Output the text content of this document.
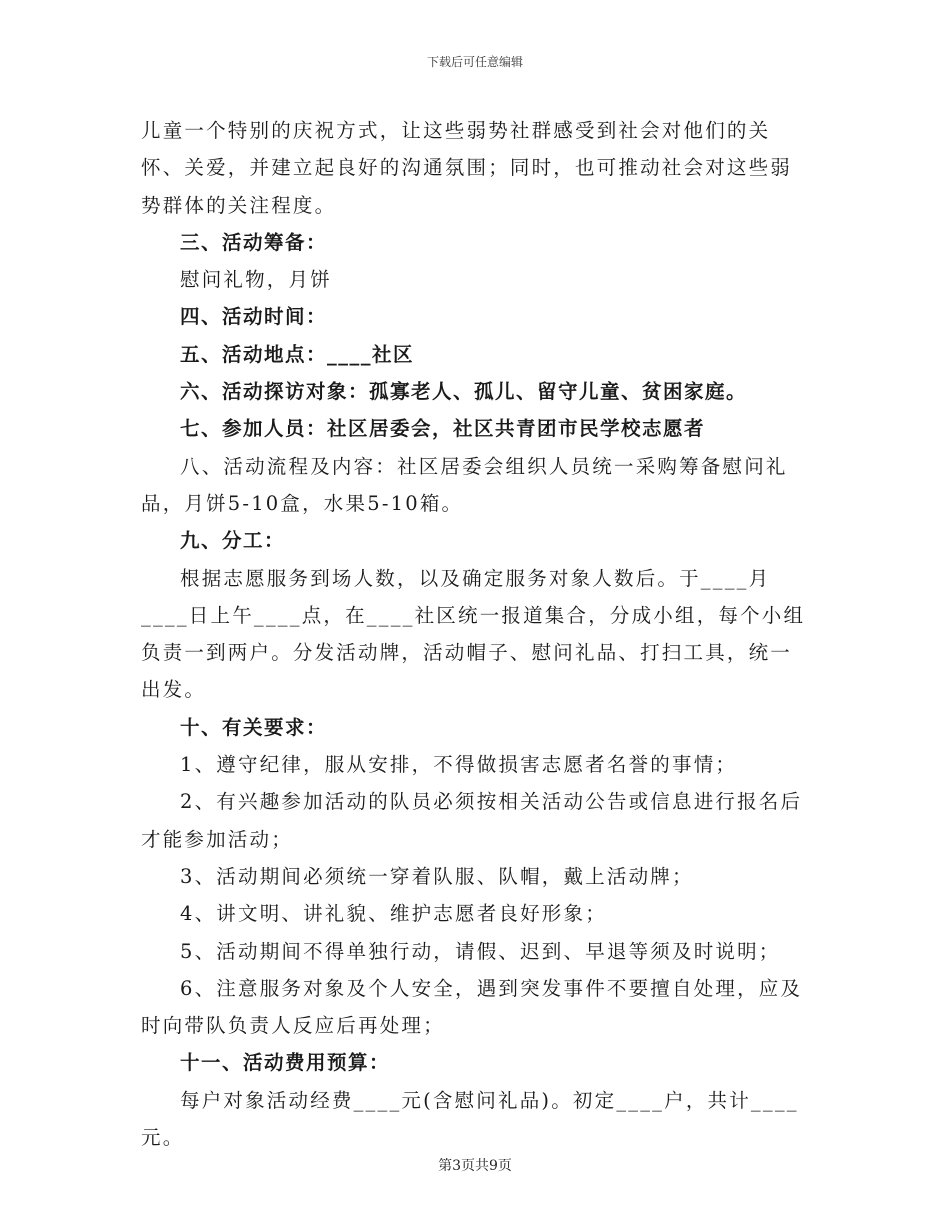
下载后可任意编辑

儿童一个特别的庆祝方式，让这些弱势社群感受到社会对他们的关怀、关爱，并建立起良好的沟通氛围；同时，也可推动社会对这些弱势群体的关注程度。

三、活动筹备：

慰问礼物，月饼

四、活动时间：

五、活动地点：____社区

六、活动探访对象：孤寡老人、孤儿、留守儿童、贫困家庭。

七、参加人员：社区居委会，社区共青团市民学校志愿者

八、活动流程及内容：社区居委会组织人员统一采购筹备慰问礼品，月饼5-10盒，水果5-10箱。

九、分工：

根据志愿服务到场人数，以及确定服务对象人数后。于____月____日上午____点，在____社区统一报道集合，分成小组，每个小组负责一到两户。分发活动牌，活动帽子、慰问礼品、打扫工具，统一出发。

十、有关要求：

1、遵守纪律，服从安排，不得做损害志愿者名誉的事情；

2、有兴趣参加活动的队员必须按相关活动公告或信息进行报名后才能参加活动；

3、活动期间必须统一穿着队服、队帽，戴上活动牌；

4、讲文明、讲礼貌、维护志愿者良好形象；

5、活动期间不得单独行动，请假、迟到、早退等须及时说明；

6、注意服务对象及个人安全，遇到突发事件不要擅自处理，应及时向带队负责人反应后再处理；

十一、活动费用预算：

每户对象活动经费____元(含慰问礼品)。初定____户，共计____元。

第3页共9页
